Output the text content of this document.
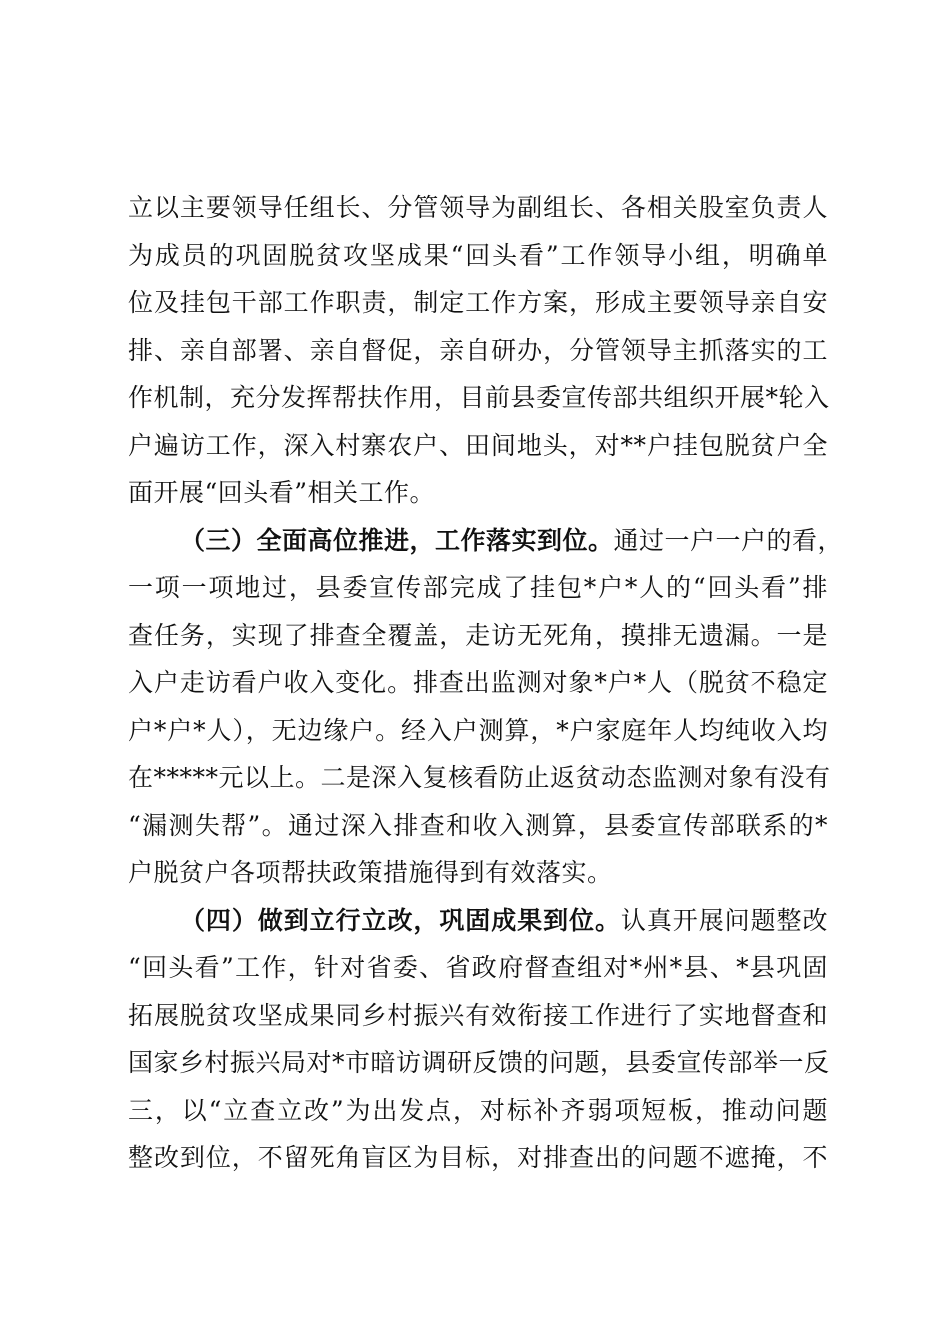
立以主要领导任组长、分管领导为副组长、各相关股室负责人
为成员的巩固脱贫攻坚成果“回头看”工作领导小组，明确单
位及挂包干部工作职责，制定工作方案，形成主要领导亲自安
排、亲自部署、亲自督促，亲自研办，分管领导主抓落实的工
作机制，充分发挥帮扶作用，目前县委宣传部共组织开展*轮入
户遍访工作，深入村寨农户、田间地头，对**户挂包脱贫户全
面开展“回头看”相关工作。
（三）全面高位推进，工作落实到位。通过一户一户的看，
一项一项地过，县委宣传部完成了挂包*户*人的“回头看”排
查任务，实现了排查全覆盖，走访无死角，摸排无遗漏。一是
入户走访看户收入变化。排查出监测对象*户*人（脱贫不稳定
户*户*人），无边缘户。经入户测算，*户家庭年人均纯收入均
在*****元以上。二是深入复核看防止返贫动态监测对象有没有
“漏测失帮”。通过深入排查和收入测算，县委宣传部联系的*
户脱贫户各项帮扶政策措施得到有效落实。
（四）做到立行立改，巩固成果到位。认真开展问题整改
“回头看”工作，针对省委、省政府督查组对*州*县、*县巩固
拓展脱贫攻坚成果同乡村振兴有效衔接工作进行了实地督查和
国家乡村振兴局对*市暗访调研反馈的问题，县委宣传部举一反
三，以“立查立改”为出发点，对标补齐弱项短板，推动问题
整改到位，不留死角盲区为目标，对排查出的问题不遮掩，不
